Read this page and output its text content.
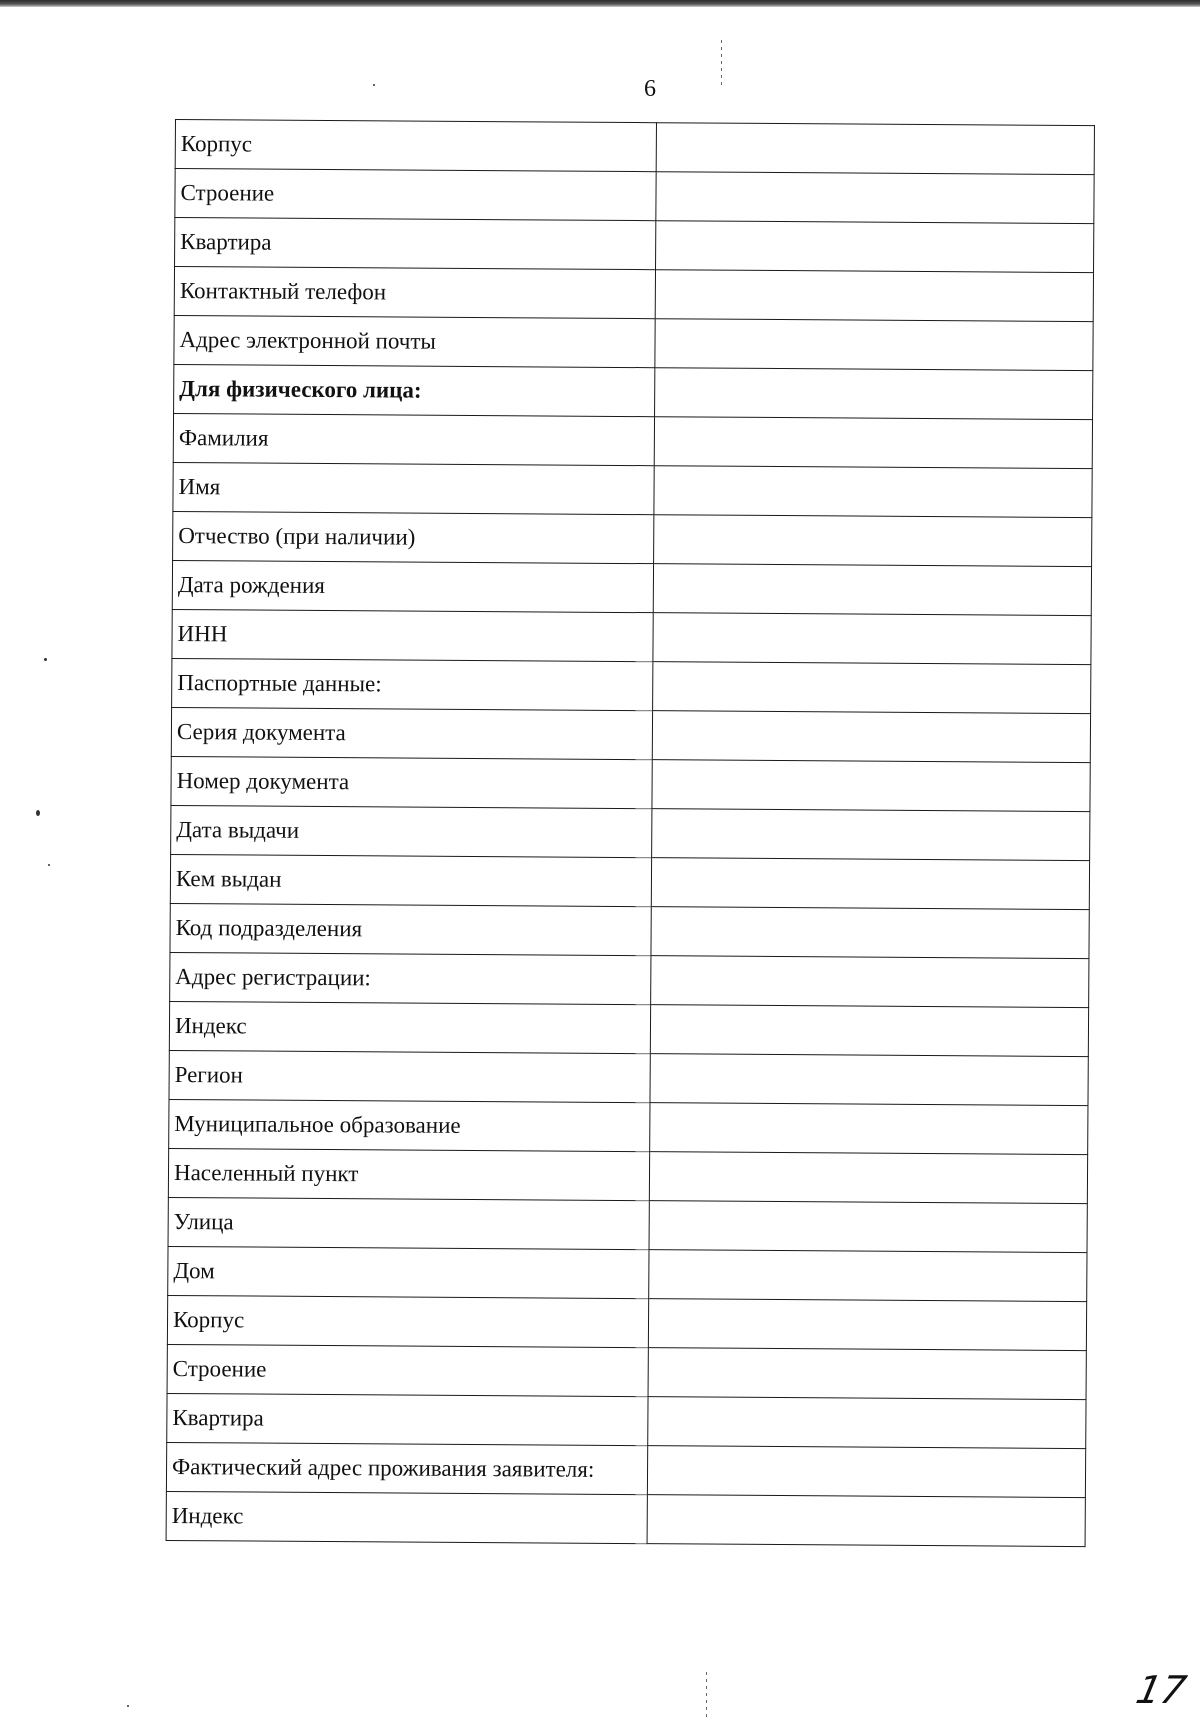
6
Корпус	
Строение	
Квартира	
Контактный телефон	
Адрес электронной почты	
Для физического лица:	
Фамилия	
Имя	
Отчество (при наличии)	
Дата рождения	
ИНН	
Паспортные данные:	
Серия документа	
Номер документа	
Дата выдачи	
Кем выдан	
Код подразделения	
Адрес регистрации:	
Индекс	
Регион	
Муниципальное образование	
Населенный пункт	
Улица	
Дом	
Корпус	
Строение	
Квартира	
Фактический адрес проживания заявителя:	
Индекс	
17
